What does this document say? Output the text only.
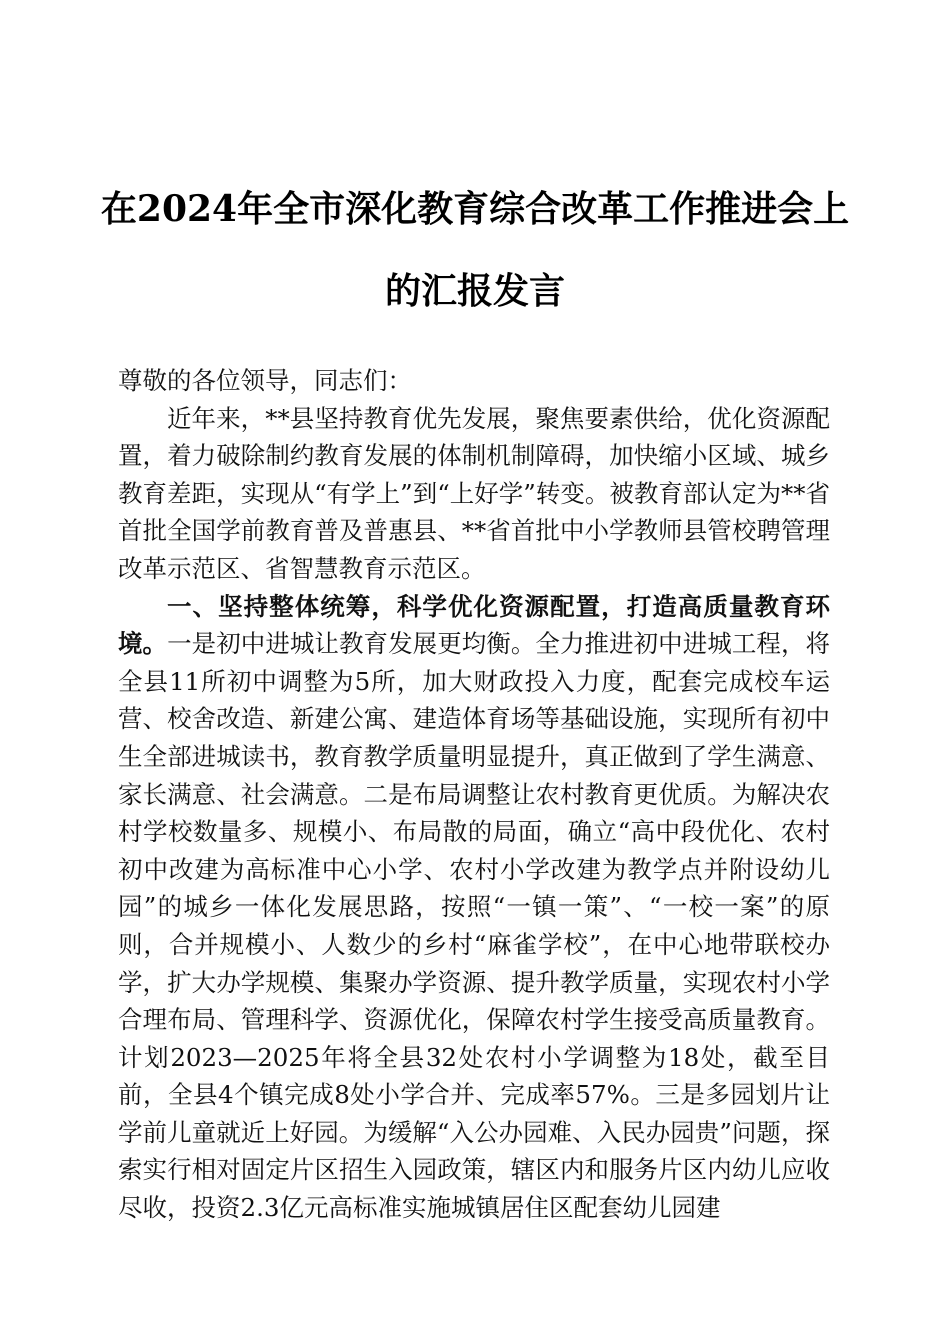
在2024年全市深化教育综合改革工作推进会上的汇报发言

尊敬的各位领导，同志们：

近年来，**县坚持教育优先发展，聚焦要素供给，优化资源配置，着力破除制约教育发展的体制机制障碍，加快缩小区域、城乡教育差距，实现从“有学上”到“上好学”转变。被教育部认定为**省首批全国学前教育普及普惠县、**省首批中小学教师县管校聘管理改革示范区、省智慧教育示范区。

一、坚持整体统筹，科学优化资源配置，打造高质量教育环境。一是初中进城让教育发展更均衡。全力推进初中进城工程，将全县11所初中调整为5所，加大财政投入力度，配套完成校车运营、校舍改造、新建公寓、建造体育场等基础设施，实现所有初中生全部进城读书，教育教学质量明显提升，真正做到了学生满意、家长满意、社会满意。二是布局调整让农村教育更优质。为解决农村学校数量多、规模小、布局散的局面，确立“高中段优化、农村初中改建为高标准中心小学、农村小学改建为教学点并附设幼儿园”的城乡一体化发展思路，按照“一镇一策”、“一校一案”的原则，合并规模小、人数少的乡村“麻雀学校”，在中心地带联校办学，扩大办学规模、集聚办学资源、提升教学质量，实现农村小学合理布局、管理科学、资源优化，保障农村学生接受高质量教育。计划2023—2025年将全县32处农村小学调整为18处，截至目前，全县4个镇完成8处小学合并、完成率57%。三是多园划片让学前儿童就近上好园。为缓解“入公办园难、入民办园贵”问题，探索实行相对固定片区招生入园政策，辖区内和服务片区内幼儿应收尽收，投资2.3亿元高标准实施城镇居住区配套幼儿园建
